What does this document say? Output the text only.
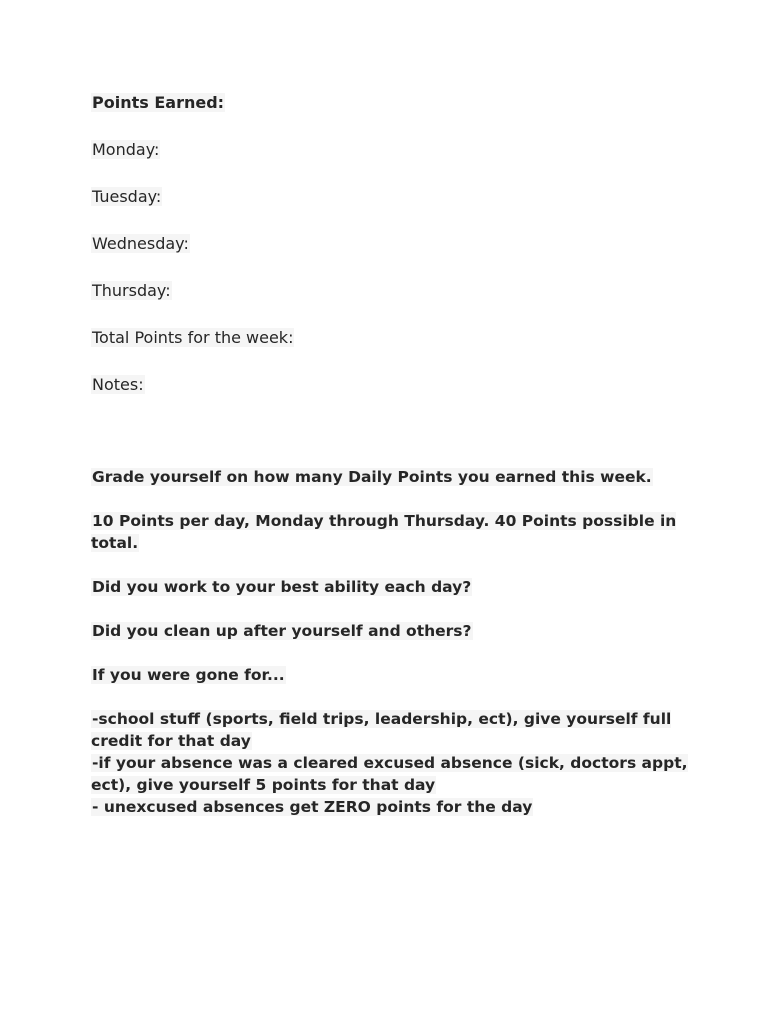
Points Earned:
Monday:
Tuesday:
Wednesday:
Thursday:
Total Points for the week:
Notes:
Grade yourself on how many Daily Points you earned this week.
10 Points per day, Monday through Thursday. 40 Points possible in total.
Did you work to your best ability each day?
Did you clean up after yourself and others?
If you were gone for...
-school stuff (sports, field trips, leadership, ect), give yourself full credit for that day
-if your absence was a cleared excused absence (sick, doctors appt, ect), give yourself 5 points for that day
- unexcused absences get ZERO points for the day
